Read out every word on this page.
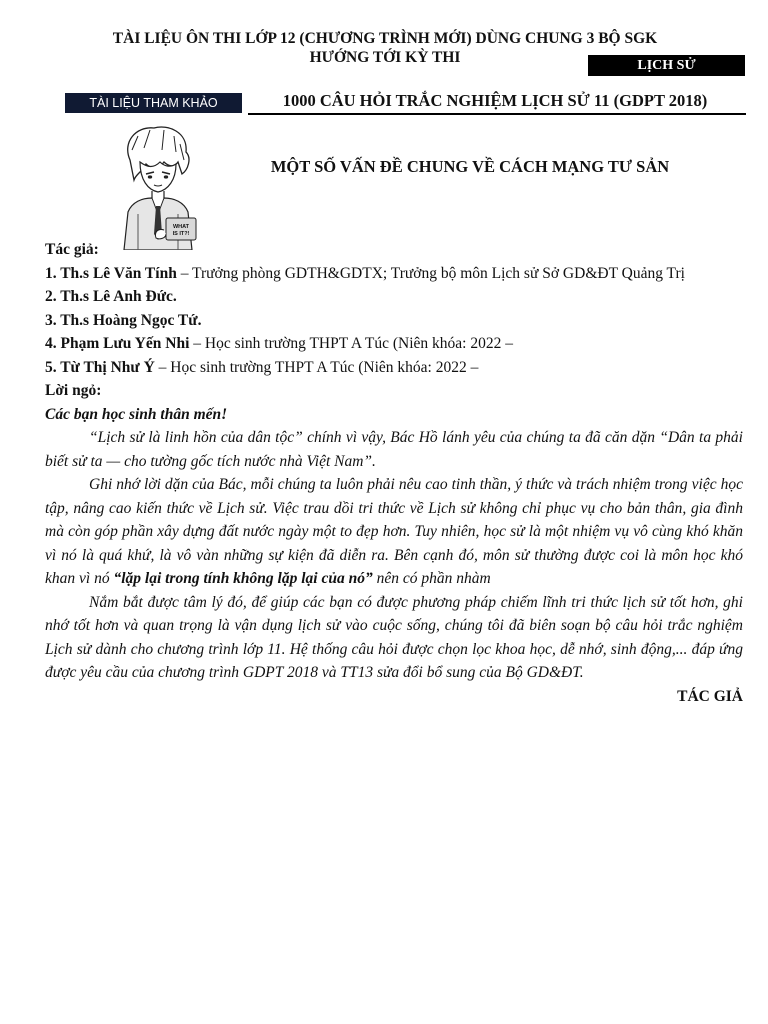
TÀI LIỆU ÔN THI LỚP 12 (CHƯƠNG TRÌNH MỚI) DÙNG CHUNG 3 BỘ SGK
HƯỚNG TỚI KỲ THI	LỊCH SỬ
TÀI LIỆU THAM KHẢO	1000 CÂU HỎI TRẮC NGHIỆM LỊCH SỬ 11 (GDPT 2018)
WHAT
IS IT?!
MỘT SỐ VẤN ĐỀ CHUNG VỀ CÁCH MẠNG TƯ SẢN

Tác giả:

1. Th.s Lê Văn Tính – Trưởng phòng GDTH&GDTX; Trưởng bộ môn Lịch sử Sở GD&ĐT Quảng Trị

2. Th.s Lê Anh Đức.

3. Th.s Hoàng Ngọc Tứ.

4. Phạm Lưu Yến Nhi – Học sinh trường THPT A Túc (Niên khóa: 2022 –

5. Từ Thị Như Ý – Học sinh trường THPT A Túc (Niên khóa: 2022 –

Lời ngỏ:

Các bạn học sinh thân mến!

“Lịch sử là linh hồn của dân tộc” chính vì vậy, Bác Hồ lánh yêu của chúng ta đã căn dặn “Dân ta phải biết sử ta — cho tường gốc tích nước nhà Việt Nam”.

Ghi nhớ lời dặn của Bác, mỗi chúng ta luôn phải nêu cao tinh thần, ý thức và trách nhiệm trong việc học tập, nâng cao kiến thức về Lịch sử. Việc trau dồi tri thức về Lịch sử không chỉ phục vụ cho bản thân, gia đình mà còn góp phần xây dựng đất nước ngày một to đẹp hơn. Tuy nhiên, học sử là một nhiệm vụ vô cùng khó khăn vì nó là quá khứ, là vô vàn những sự kiện đã diễn ra. Bên cạnh đó, môn sử thường được coi là môn học khó khan vì nó “lặp lại trong tính không lặp lại của nó” nên có phần nhàm

Nắm bắt được tâm lý đó, để giúp các bạn có được phương pháp chiếm lĩnh tri thức lịch sử tốt hơn, ghi nhớ tốt hơn và quan trọng là vận dụng lịch sử vào cuộc sống, chúng tôi đã biên soạn bộ câu hỏi trắc nghiệm Lịch sử dành cho chương trình lớp 11. Hệ thống câu hỏi được chọn lọc khoa học, dễ nhớ, sinh động,... đáp ứng được yêu cầu của chương trình GDPT 2018 và TT13 sửa đổi bổ sung của Bộ GD&ĐT.

TÁC GIẢ
